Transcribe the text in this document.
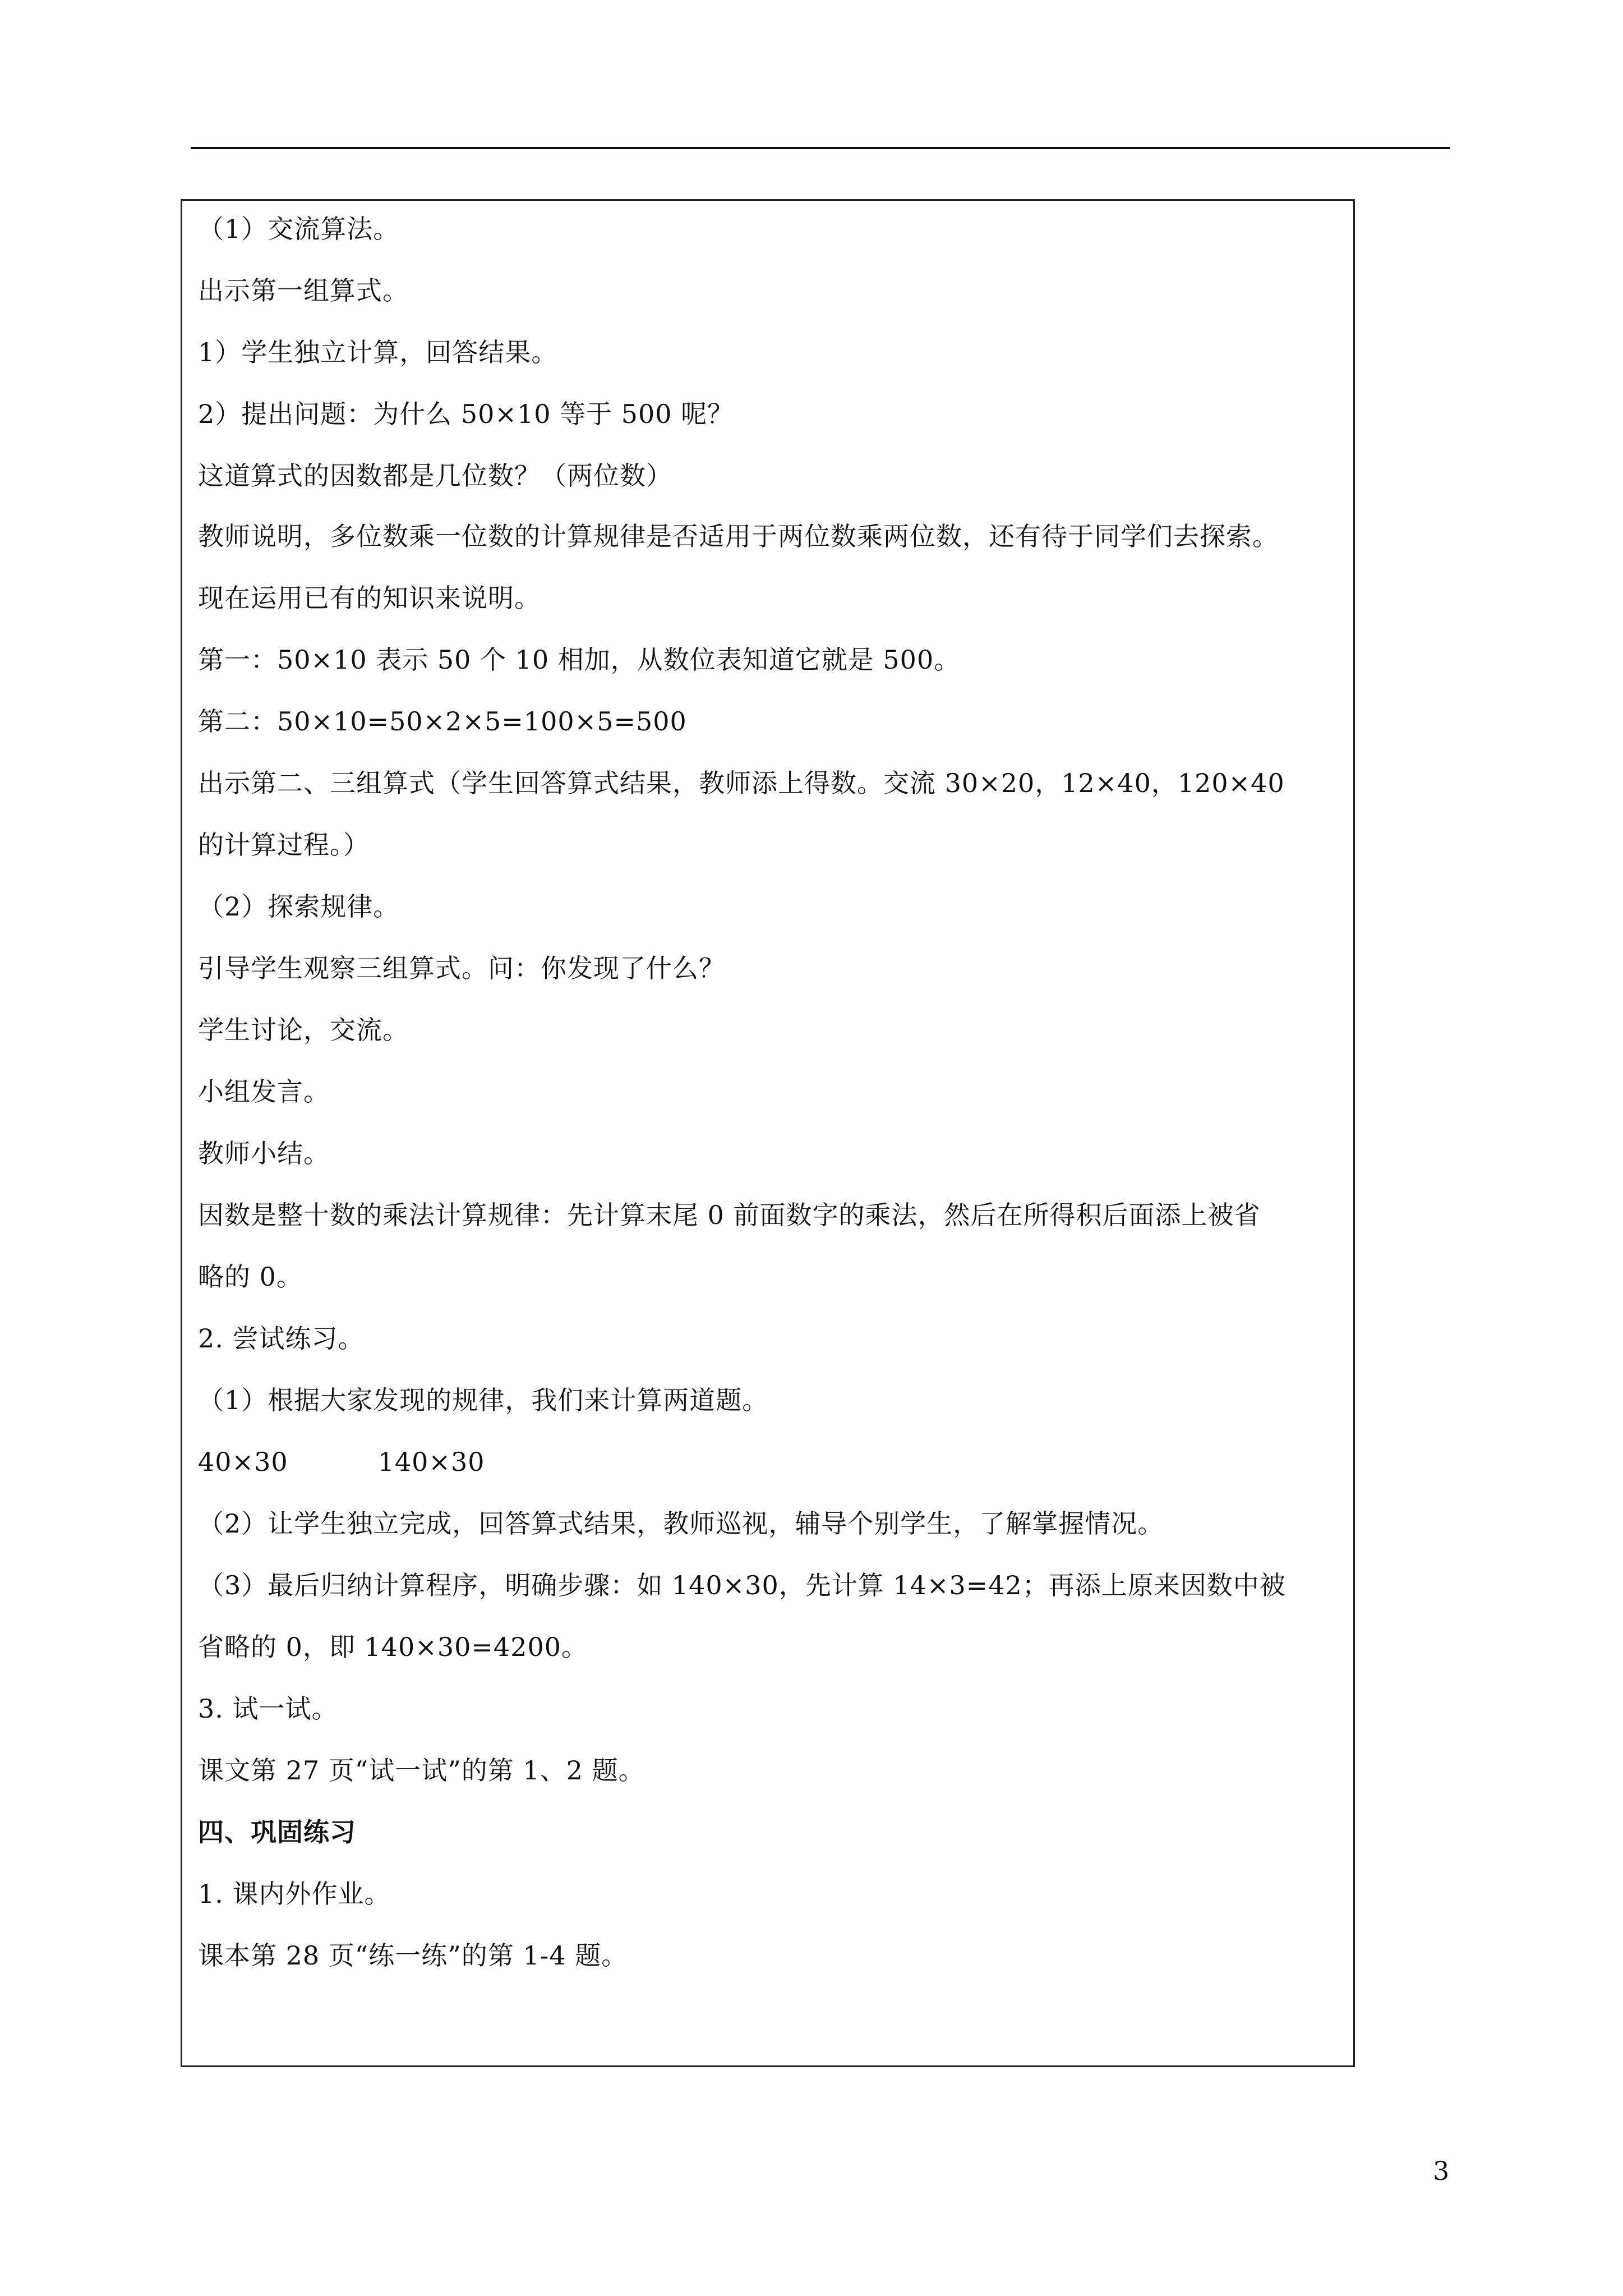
（1）交流算法。

出示第一组算式。

1）学生独立计算，回答结果。

2）提出问题：为什么 50×10 等于 500 呢？

这道算式的因数都是几位数？（两位数）

教师说明，多位数乘一位数的计算规律是否适用于两位数乘两位数，还有待于同学们去探索。

现在运用已有的知识来说明。

第一：50×10 表示 50 个 10 相加，从数位表知道它就是 500。

第二：50×10=50×2×5=100×5=500

出示第二、三组算式（学生回答算式结果，教师添上得数。交流 30×20，12×40，120×40

的计算过程。）

（2）探索规律。

引导学生观察三组算式。问：你发现了什么？

学生讨论，交流。

小组发言。

教师小结。

因数是整十数的乘法计算规律：先计算末尾 0 前面数字的乘法，然后在所得积后面添上被省

略的 0。

2. 尝试练习。

（1）根据大家发现的规律，我们来计算两道题。

40×30	140×30

（2）让学生独立完成，回答算式结果，教师巡视，辅导个别学生，了解掌握情况。

（3）最后归纳计算程序，明确步骤：如 140×30，先计算 14×3=42；再添上原来因数中被

省略的 0，即 140×30=4200。

3. 试一试。

课文第 27 页“试一试”的第 1、2 题。

四、巩固练习

1. 课内外作业。

课本第 28 页“练一练”的第 1-4 题。

3
